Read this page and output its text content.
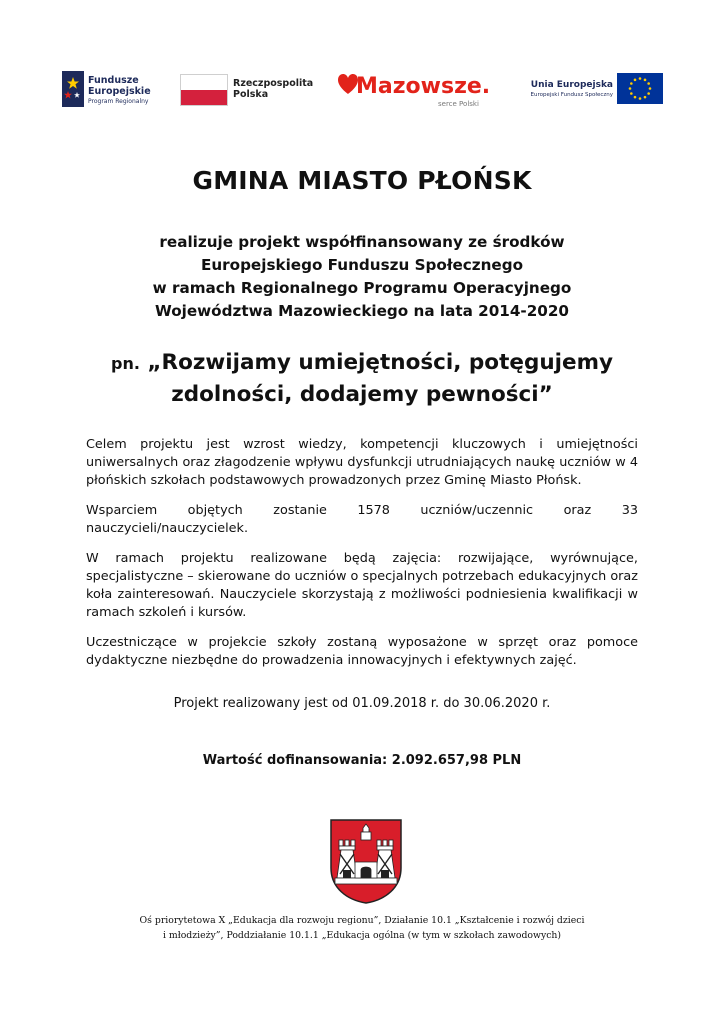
Fundusze
Europejskie
Program Regionalny
Rzeczpospolita
Polska	Mazowsze.
serce Polski
Unia Europejska
Europejski Fundusz Społeczny
GMINA MIASTO PŁOŃSK
realizuje projekt współfinansowany ze środków
Europejskiego Funduszu Społecznego
w ramach Regionalnego Programu Operacyjnego
Województwa Mazowieckiego na lata 2014-2020
pn. „Rozwijamy umiejętności, potęgujemy
zdolności, dodajemy pewności”

Celem projektu jest wzrost wiedzy, kompetencji kluczowych i umiejętności uniwersalnych oraz złagodzenie wpływu dysfunkcji utrudniających naukę uczniów w 4 płońskich szkołach podstawowych prowadzonych przez Gminę Miasto Płońsk.

Wsparciem objętych zostanie 1578 uczniów/uczennic oraz 33 nauczycieli/nauczycielek.

W ramach projektu realizowane będą zajęcia: rozwijające, wyrównujące, specjalistyczne – skierowane do uczniów o specjalnych potrzebach edukacyjnych oraz koła zainteresowań. Nauczyciele skorzystają z możliwości podniesienia kwalifikacji w ramach szkoleń i kursów.

Uczestniczące w projekcie szkoły zostaną wyposażone w sprzęt oraz pomoce dydaktyczne niezbędne do prowadzenia innowacyjnych i efektywnych zajęć.

Projekt realizowany jest od 01.09.2018 r. do 30.06.2020 r.
Wartość dofinansowania: 2.092.657,98 PLN
Oś priorytetowa X „Edukacja dla rozwoju regionu”, Działanie 10.1 „Kształcenie i rozwój dzieci
i młodzieży”, Poddziałanie 10.1.1 „Edukacja ogólna (w tym w szkołach zawodowych)
